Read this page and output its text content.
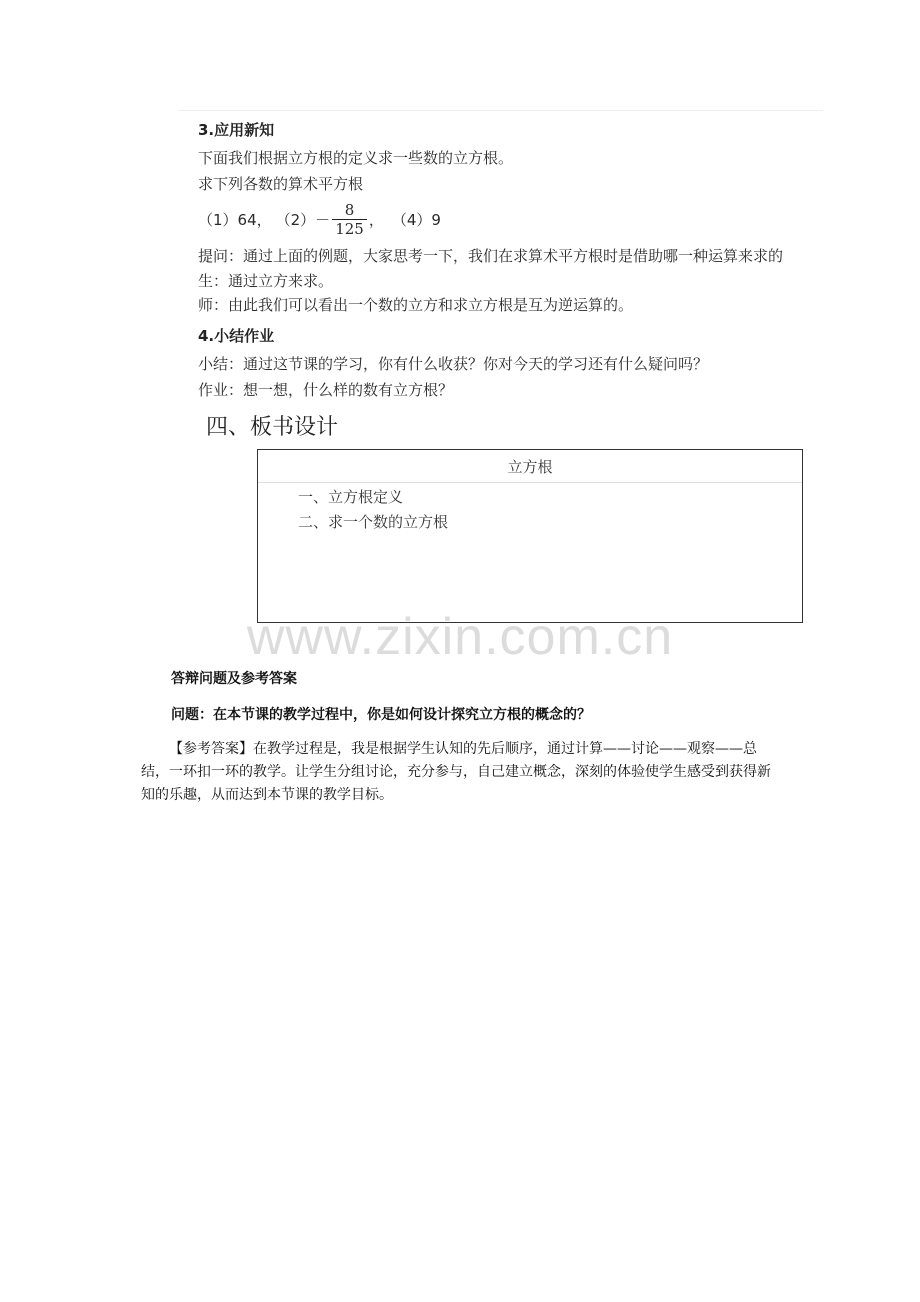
3.应用新知
下面我们根据立方根的定义求一些数的立方根。
求下列各数的算术平方根
（1）64， $(2)- \frac{8}{125}$ ， （4）9
提问：通过上面的例题，大家思考一下，我们在求算术平方根时是借助哪一种运算来求的
生：通过立方来求。
师：由此我们可以看出一个数的立方和求立方根是互为逆运算的。
4.小结作业
小结：通过这节课的学习，你有什么收获？你对今天的学习还有什么疑问吗？
作业：想一想，什么样的数有立方根？
四、板书设计
立方根
一、立方根定义
二、求一个数的立方根
www.zixin.com.cn
答辩问题及参考答案
问题：在本节课的教学过程中，你是如何设计探究立方根的概念的？
【参考答案】在教学过程是，我是根据学生认知的先后顺序，通过计算——讨论——观察——总结，一环扣一环的教学。让学生分组讨论，充分参与，自己建立概念，深刻的体验使学生感受到获得新知的乐趣，从而达到本节课的教学目标。
